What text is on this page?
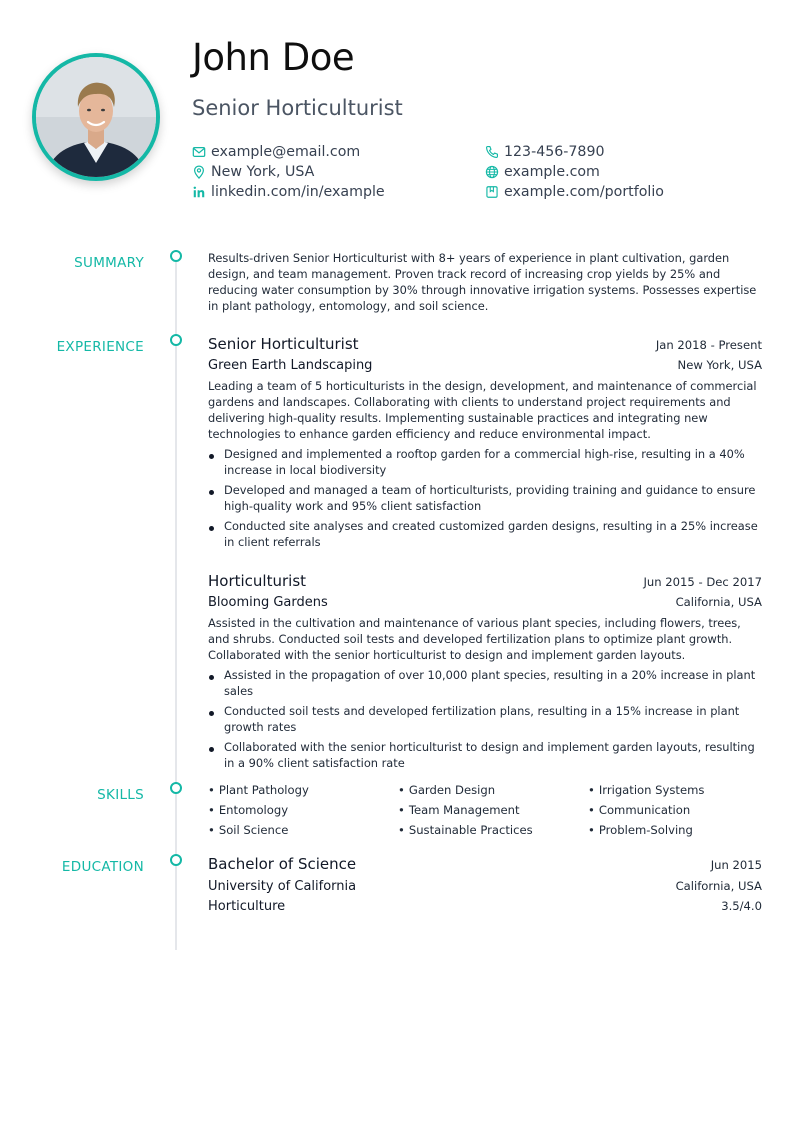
John Doe
Senior Horticulturist
example@email.com	123-456-7890
New York, USA	example.com
linkedin.com/in/example	example.com/portfolio
SUMMARY	Results-driven Senior Horticulturist with 8+ years of experience in plant cultivation, garden design, and team management. Proven track record of increasing crop yields by 25% and reducing water consumption by 30% through innovative irrigation systems. Possesses expertise in plant pathology, entomology, and soil science.

EXPERIENCE	Senior Horticulturist	Jan 2018 - Present
Green Earth Landscaping	New York, USA

Leading a team of 5 horticulturists in the design, development, and maintenance of commercial gardens and landscapes. Collaborating with clients to understand project requirements and delivering high-quality results. Implementing sustainable practices and integrating new technologies to enhance garden efficiency and reduce environmental impact.

Designed and implemented a rooftop garden for a commercial high-rise, resulting in a 40% increase in local biodiversity
Developed and managed a team of horticulturists, providing training and guidance to ensure high-quality work and 95% client satisfaction
Conducted site analyses and created customized garden designs, resulting in a 25% increase in client referrals
Horticulturist	Jun 2015 - Dec 2017
Blooming Gardens	California, USA

Assisted in the cultivation and maintenance of various plant species, including flowers, trees, and shrubs. Conducted soil tests and developed fertilization plans to optimize plant growth. Collaborated with the senior horticulturist to design and implement garden layouts.

Assisted in the propagation of over 10,000 plant species, resulting in a 20% increase in plant sales
Conducted soil tests and developed fertilization plans, resulting in a 15% increase in plant growth rates
Collaborated with the senior horticulturist to design and implement garden layouts, resulting in a 90% client satisfaction rate
SKILLS	• Plant Pathology	• Garden Design	• Irrigation Systems
• Entomology	• Team Management	• Communication
• Soil Science	• Sustainable Practices	• Problem-Solving
EDUCATION	Bachelor of Science	Jun 2015
University of California	California, USA
Horticulture	3.5/4.0
